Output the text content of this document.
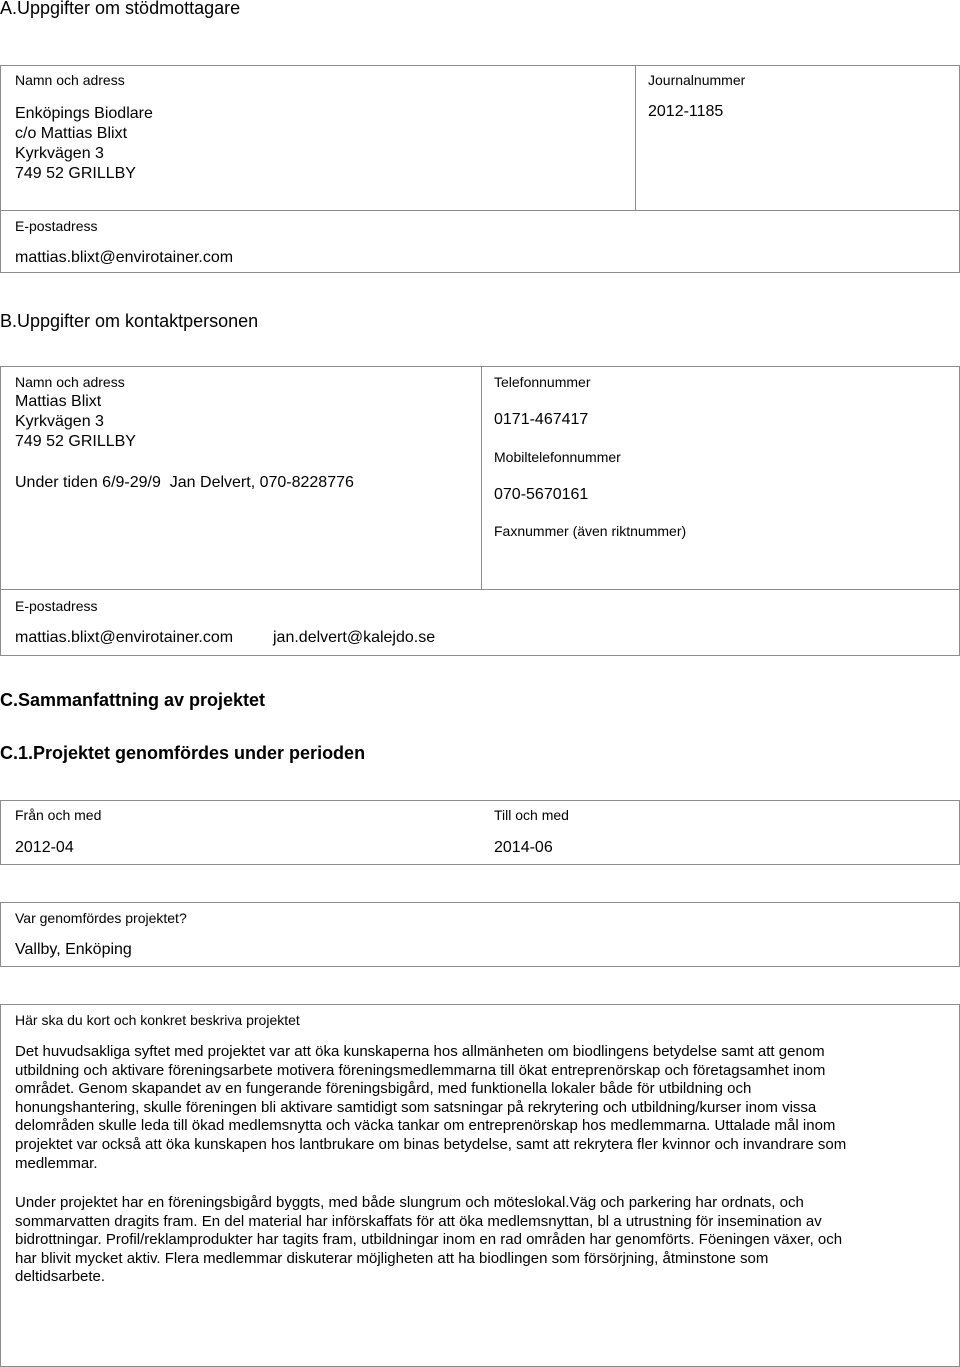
A.Uppgifter om stödmottagare
Namn och adress
Enköpings Biodlare
c/o Mattias Blixt
Kyrkvägen 3
749 52 GRILLBY
Journalnummer
2012-1185
E-postadress
mattias.blixt@envirotainer.com
B.Uppgifter om kontaktpersonen
Namn och adress
Mattias Blixt
Kyrkvägen 3
749 52 GRILLBY
Under tiden 6/9-29/9  Jan Delvert, 070-8228776
Telefonnummer
0171-467417
Mobiltelefonnummer
070-5670161
Faxnummer (även riktnummer)
E-postadress
mattias.blixt@envirotainer.com jan.delvert@kalejdo.se
C.Sammanfattning av projektet
C.1.Projektet genomfördes under perioden
Från och med
2012-04
Till och med
2014-06
Var genomfördes projektet?
Vallby, Enköping
Här ska du kort och konkret beskriva projektet
Det huvudsakliga syftet med projektet var att öka kunskaperna hos allmänheten om biodlingens betydelse samt att genom
utbildning och aktivare föreningsarbete motivera föreningsmedlemmarna till ökat entreprenörskap och företagsamhet inom
området. Genom skapandet av en fungerande föreningsbigård, med funktionella lokaler både för utbildning och
honungshantering, skulle föreningen bli aktivare samtidigt som satsningar på rekrytering och utbildning/kurser inom vissa
delområden skulle leda till ökad medlemsnytta och väcka tankar om entreprenörskap hos medlemmarna. Uttalade mål inom
projektet var också att öka kunskapen hos lantbrukare om binas betydelse, samt att rekrytera fler kvinnor och invandrare som
medlemmar.
Under projektet har en föreningsbigård byggts, med både slungrum och möteslokal.Väg och parkering har ordnats, och
sommarvatten dragits fram. En del material har införskaffats för att öka medlemsnyttan, bl a utrustning för insemination av
bidrottningar. Profil/reklamprodukter har tagits fram, utbildningar inom en rad områden har genomförts. Föeningen växer, och
har blivit mycket aktiv. Flera medlemmar diskuterar möjligheten att ha biodlingen som försörjning, åtminstone som
deltidsarbete.
